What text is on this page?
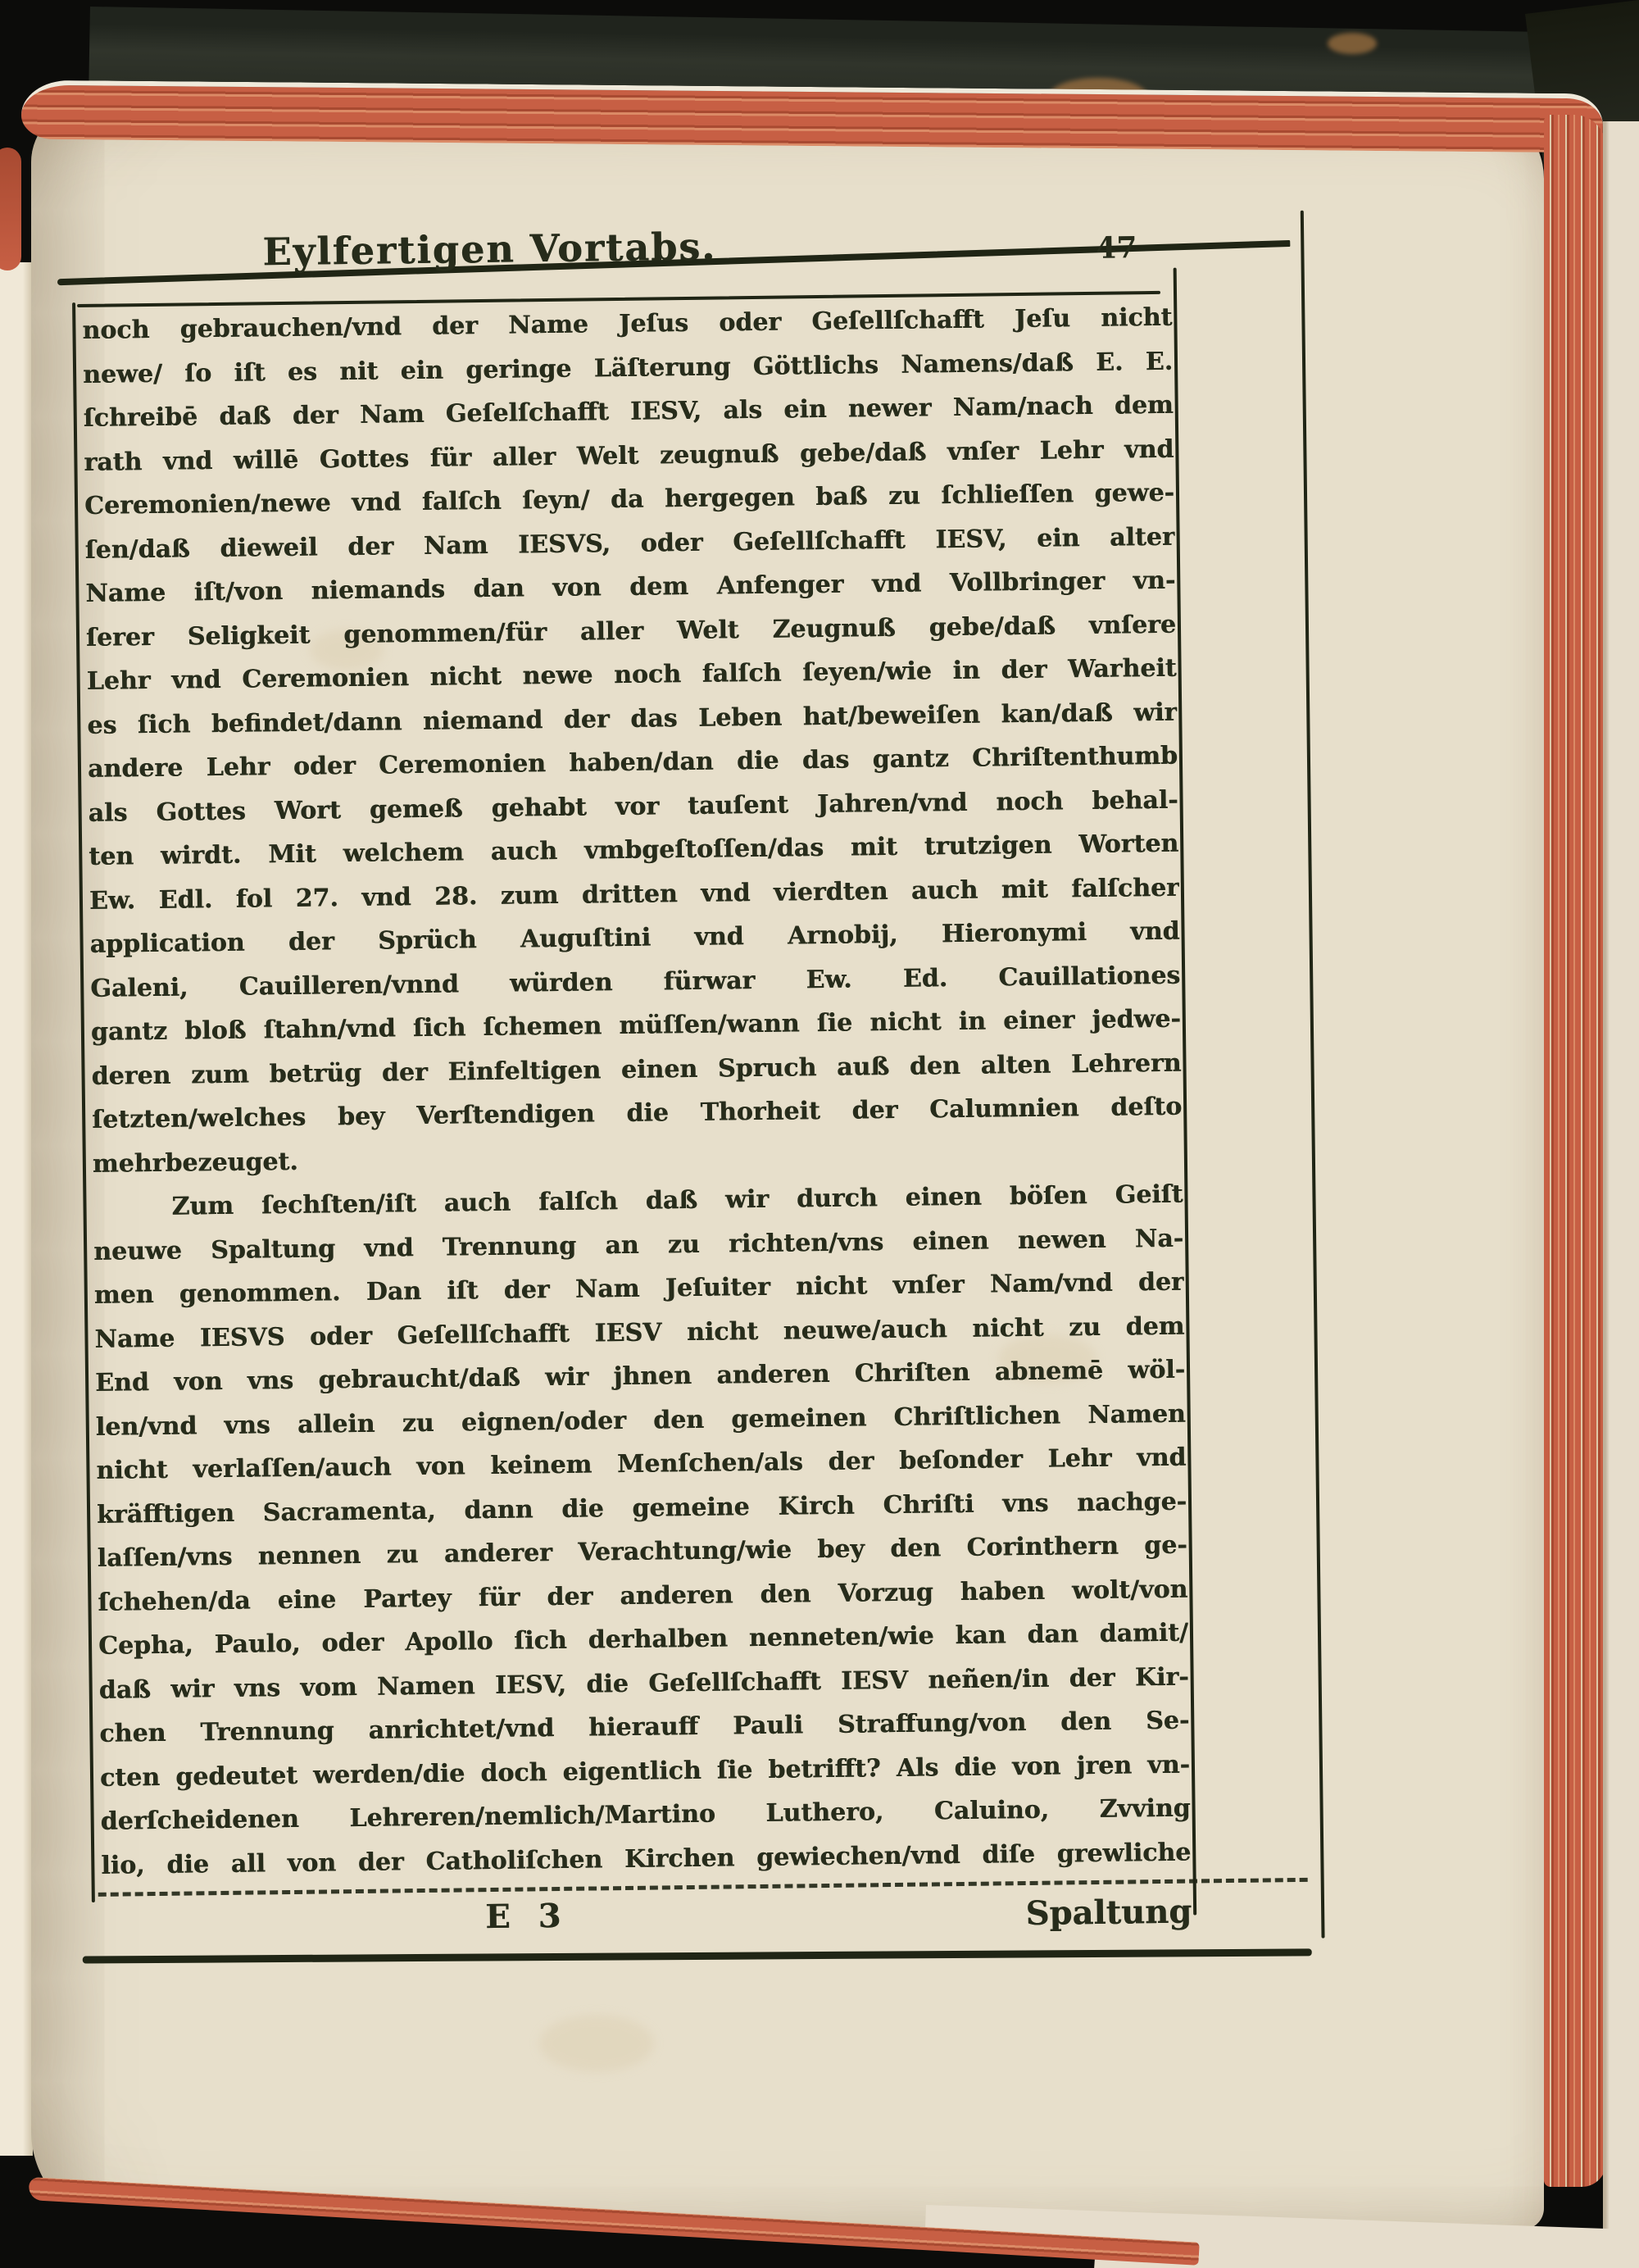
Eylfertigen Vortabs.	47
noch gebrauchen/vnd der Name Jeſus oder Geſellſchafft Jeſu nicht
newe/ ſo iſt es nit ein geringe Läſterung Göttlichs Namens/daß E. E.
ſchreibē daß der Nam Geſelſchafft IESV, als ein newer Nam/nach dem
rath vnd willē Gottes für aller Welt zeugnuß gebe/daß vnſer Lehr vnd
Ceremonien/newe vnd falſch ſeyn/ da hergegen baß zu ſchlieſſen gewe-
ſen/daß dieweil der Nam IESVS, oder Geſellſchafft IESV, ein alter
Name iſt/von niemands dan von dem Anfenger vnd Vollbringer vn-
ſerer Seligkeit genommen/für aller Welt Zeugnuß gebe/daß vnſere
Lehr vnd Ceremonien nicht newe noch falſch ſeyen/wie in der Warheit
es ſich befindet/dann niemand der das Leben hat/beweiſen kan/daß wir
andere Lehr oder Ceremonien haben/dan die das gantz Chriſtenthumb
als Gottes Wort gemeß gehabt vor tauſent Jahren/vnd noch behal-
ten wirdt. Mit welchem auch vmbgeſtoſſen/das mit trutzigen Worten
Ew. Edl. fol 27. vnd 28. zum dritten vnd vierdten auch mit falſcher
application der Sprüch Auguſtini vnd Arnobij, Hieronymi vnd
Galeni, Cauilleren/vnnd würden fürwar Ew. Ed. Cauillationes
gantz bloß ſtahn/vnd ſich ſchemen müſſen/wann ſie nicht in einer jedwe-
deren zum betrüg der Einfeltigen einen Spruch auß den alten Lehrern
ſetzten/welches bey Verſtendigen die Thorheit der Calumnien deſto
mehrbezeuget.
Zum ſechſten/iſt auch falſch daß wir durch einen böſen Geiſt
neuwe Spaltung vnd Trennung an zu richten/vns einen newen Na-
men genommen. Dan iſt der Nam Jeſuiter nicht vnſer Nam/vnd der
Name IESVS oder Geſellſchafft IESV nicht neuwe/auch nicht zu dem
End von vns gebraucht/daß wir jhnen anderen Chriſten abnemē wöl-
len/vnd vns allein zu eignen/oder den gemeinen Chriſtlichen Namen
nicht verlaſſen/auch von keinem Menſchen/als der beſonder Lehr vnd
kräfftigen Sacramenta, dann die gemeine Kirch Chriſti vns nachge-
laſſen/vns nennen zu anderer Verachtung/wie bey den Corinthern ge-
ſchehen/da eine Partey für der anderen den Vorzug haben wolt/von
Cepha, Paulo, oder Apollo ſich derhalben nenneten/wie kan dan damit/
daß wir vns vom Namen IESV, die Geſellſchafft IESV neñen/in der Kir-
chen Trennung anrichtet/vnd hierauff Pauli Straffung/von den Se-
cten gedeutet werden/die doch eigentlich ſie betrifft? Als die von jren vn-
derſcheidenen Lehreren/nemlich/Martino Luthero, Caluino, Zvving
lio, die all von der Catholiſchen Kirchen gewiechen/vnd diſe grewliche
E 3	Spaltung
